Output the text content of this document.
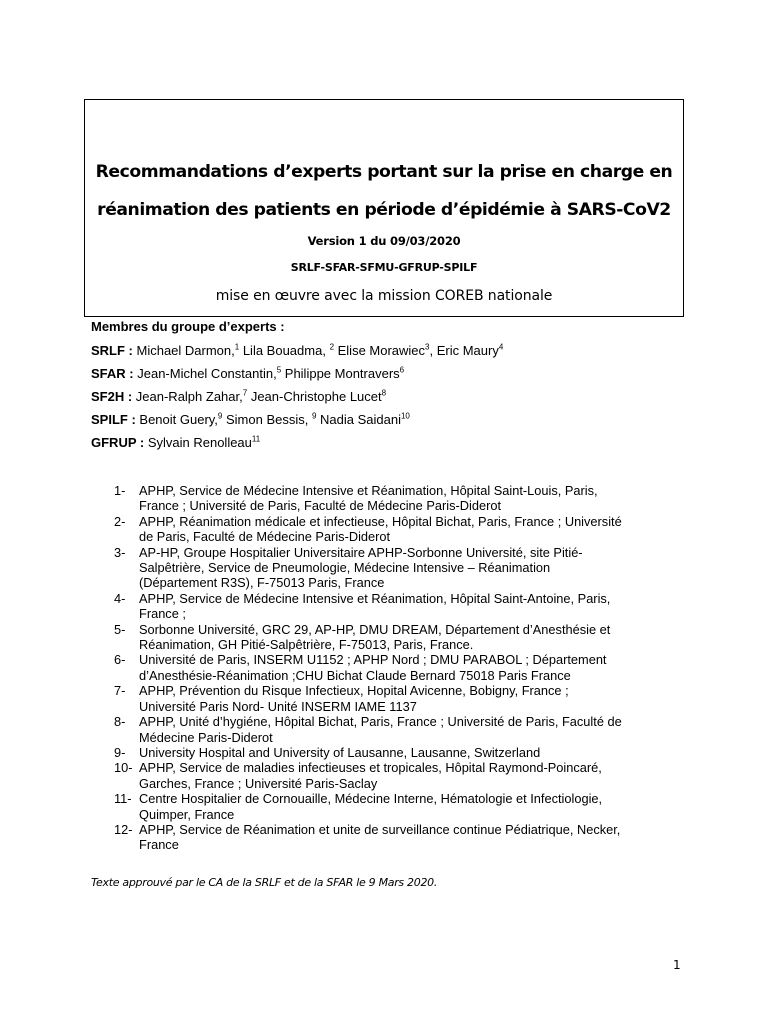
Recommandations d’experts portant sur la prise en charge en
réanimation des patients en période d’épidémie à SARS-CoV2
Version 1 du 09/03/2020
SRLF-SFAR-SFMU-GFRUP-SPILF
mise en œuvre avec la mission COREB nationale
Membres du groupe d’experts :
SRLF : Michael Darmon,$^1$ Lila Bouadma, $^2$ Elise Morawiec$^3$, Eric Maury$^4$
SFAR : Jean-Michel Constantin,$^5$ Philippe Montravers$^6$
SF2H : Jean-Ralph Zahar,$^7$ Jean-Christophe Lucet$^8$
SPILF : Benoit Guery,$^9$ Simon Bessis, $^9$ Nadia Saidani$^{10}$
GFRUP : Sylvain Renolleau$^{11}$
1-	APHP, Service de Médecine Intensive et Réanimation, Hôpital Saint-Louis, Paris,
France ; Université de Paris, Faculté de Médecine Paris-Diderot
2-	APHP, Réanimation médicale et infectieuse, Hôpital Bichat, Paris, France ; Université
de Paris, Faculté de Médecine Paris-Diderot
3-	AP-HP, Groupe Hospitalier Universitaire APHP-Sorbonne Université, site Pitié-
Salpêtrière, Service de Pneumologie, Médecine Intensive – Réanimation
(Département R3S), F-75013 Paris, France
4-	APHP, Service de Médecine Intensive et Réanimation, Hôpital Saint-Antoine, Paris,
France ;
5-	Sorbonne Université, GRC 29, AP-HP, DMU DREAM, Département d’Anesthésie et
Réanimation, GH Pitié-Salpêtrière, F-75013, Paris, France.
6-	Université de Paris, INSERM U1152 ; APHP Nord ; DMU PARABOL ; Département
d’Anesthésie-Réanimation ;CHU Bichat Claude Bernard 75018 Paris France
7-	APHP, Prévention du Risque Infectieux, Hopital Avicenne, Bobigny, France ;
Université Paris Nord- Unité INSERM IAME 1137
8-	APHP, Unité d’hygiéne, Hôpital Bichat, Paris, France ; Université de Paris, Faculté de
Médecine Paris-Diderot
9-	University Hospital and University of Lausanne, Lausanne, Switzerland
10- APHP, Service de maladies infectieuses et tropicales, Hôpital Raymond-Poincaré,
Garches, France ; Université Paris-Saclay
11- Centre Hospitalier de Cornouaille, Médecine Interne, Hématologie et Infectiologie,
Quimper, France
12- APHP, Service de Réanimation et unite de surveillance continue Pédiatrique, Necker,
France
Texte approuvé par le CA de la SRLF et de la SFAR le 9 Mars 2020.
1
